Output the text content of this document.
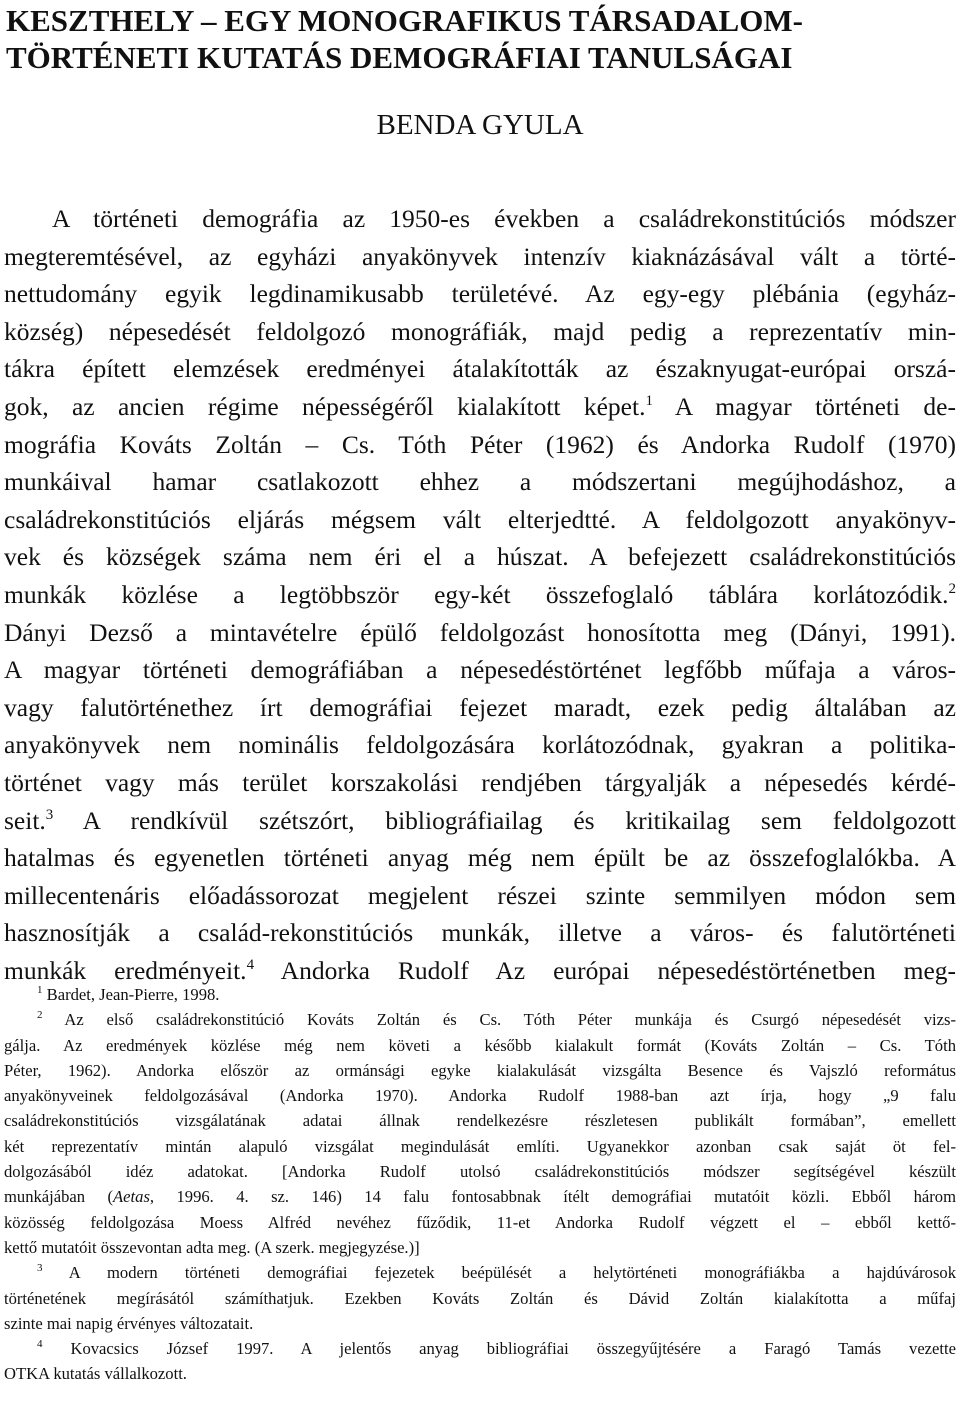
KESZTHELY – EGY MONOGRAFIKUS TÁRSADALOM-
TÖRTÉNETI KUTATÁS DEMOGRÁFIAI TANULSÁGAI

BENDA GYULA

A történeti demográfia az 1950-es években a családrekonstitúciós módszer
megteremtésével, az egyházi anyakönyvek intenzív kiaknázásával vált a törté-
nettudomány egyik legdinamikusabb területévé. Az egy-egy plébánia (egyház-
község) népesedését feldolgozó monográfiák, majd pedig a reprezentatív min-
tákra épített elemzések eredményei átalakították az északnyugat-európai orszá-
gok, az ancien régime népességéről kialakított képet.$^1$ A magyar történeti de-
mográfia Kováts Zoltán – Cs. Tóth Péter (1962) és Andorka Rudolf (1970)
munkáival hamar csatlakozott ehhez a módszertani megújhodáshoz, a
családrekonstitúciós eljárás mégsem vált elterjedtté. A feldolgozott anyakönyv-
vek és községek száma nem éri el a húszat. A befejezett családrekonstitúciós
munkák közlése a legtöbbször egy-két összefoglaló táblára korlátozódik.$^2$
Dányi Dezső a mintavételre épülő feldolgozást honosította meg (Dányi, 1991).
A magyar történeti demográfiában a népesedéstörténet legfőbb műfaja a város-
vagy falutörténethez írt demográfiai fejezet maradt, ezek pedig általában az
anyakönyvek nem nominális feldolgozására korlátozódnak, gyakran a politika-
történet vagy más terület korszakolási rendjében tárgyalják a népesedés kérdé-
seit.$^3$ A rendkívül szétszórt, bibliográfiailag és kritikailag sem feldolgozott
hatalmas és egyenetlen történeti anyag még nem épült be az összefoglalókba. A
millecentenáris előadássorozat megjelent részei szinte semmilyen módon sem
hasznosítják a család-rekonstitúciós munkák, illetve a város- és falutörténeti
munkák eredményeit.$^4$ Andorka Rudolf Az európai népesedéstörténetben meg-
$^1$ Bardet, Jean-Pierre, 1998.
$^2$ Az első családrekonstitúció Kováts Zoltán és Cs. Tóth Péter munkája és Csurgó népesedését vizs-
gálja. Az eredmények közlése még nem követi a később kialakult formát (Kováts Zoltán – Cs. Tóth
Péter, 1962). Andorka először az ormánsági egyke kialakulását vizsgálta Besence és Vajszló református
anyakönyveinek feldolgozásával (Andorka 1970). Andorka Rudolf 1988-ban azt írja, hogy „9 falu
családrekonstitúciós vizsgálatának adatai állnak rendelkezésre részletesen publikált formában”, emellett
két reprezentatív mintán alapuló vizsgálat megindulását említi. Ugyanekkor azonban csak saját öt fel-
dolgozásából idéz adatokat. [Andorka Rudolf utolsó családrekonstitúciós módszer segítségével készült
munkájában (Aetas, 1996. 4. sz. 146) 14 falu fontosabbnak ítélt demográfiai mutatóit közli. Ebből három
közösség feldolgozása Moess Alfréd nevéhez fűződik, 11-et Andorka Rudolf végzett el – ebből kettő-
kettő mutatóit összevontan adta meg. (A szerk. megjegyzése.)]
$^3$ A modern történeti demográfiai fejezetek beépülését a helytörténeti monográfiákba a hajdúvárosok
történetének megírásától számíthatjuk. Ezekben Kováts Zoltán és Dávid Zoltán kialakította a műfaj
szinte mai napig érvényes változatait.
$^4$ Kovacsics József 1997. A jelentős anyag bibliográfiai összegyűjtésére a Faragó Tamás vezette
OTKA kutatás vállalkozott.
